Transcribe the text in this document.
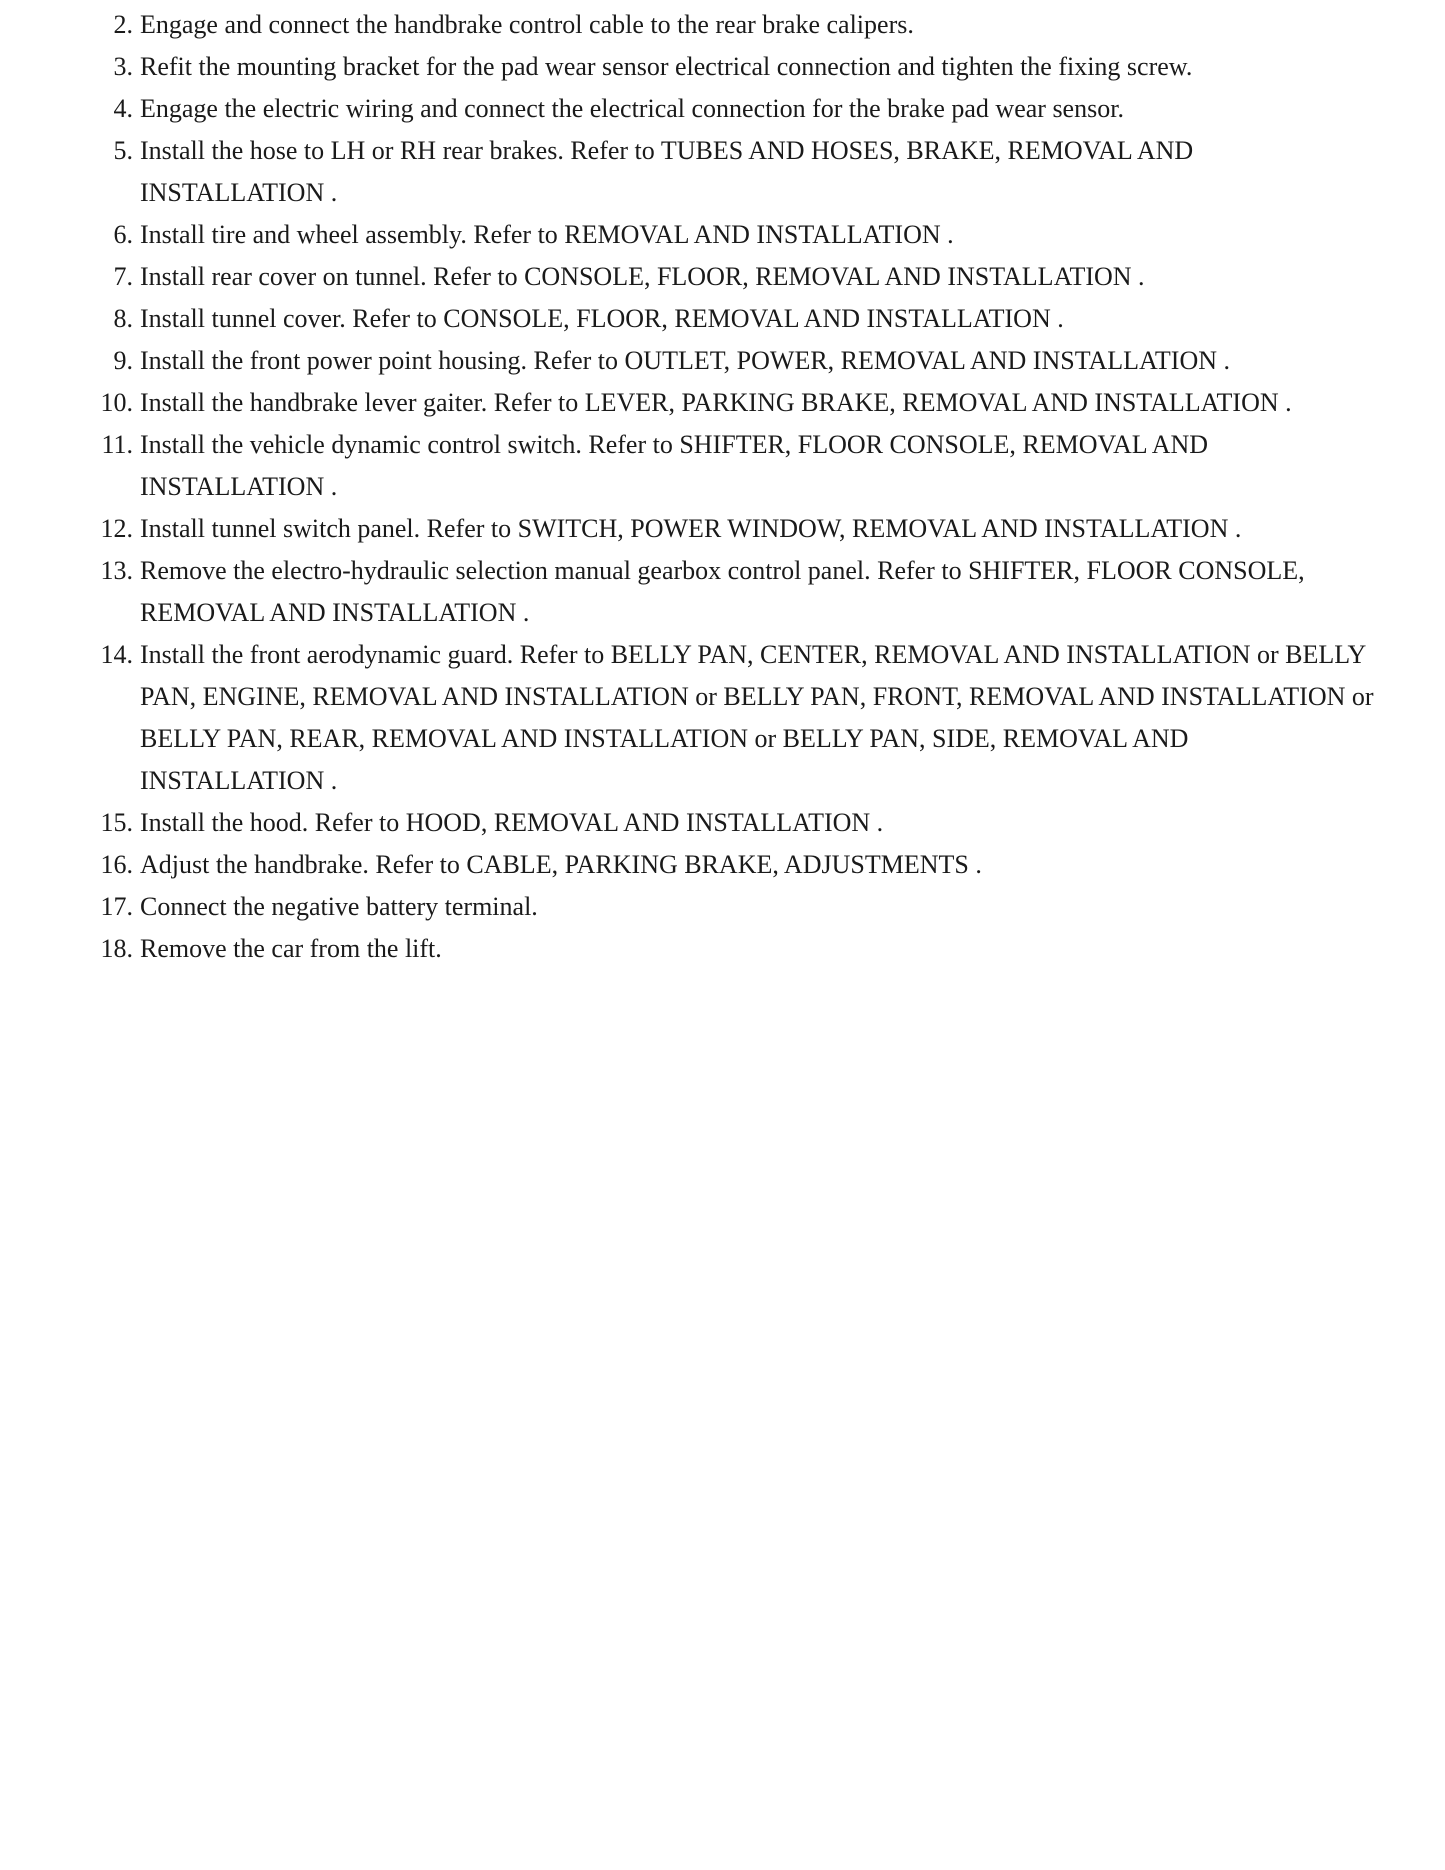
2. Engage and connect the handbrake control cable to the rear brake calipers.
3. Refit the mounting bracket for the pad wear sensor electrical connection and tighten the fixing screw.
4. Engage the electric wiring and connect the electrical connection for the brake pad wear sensor.
5. Install the hose to LH or RH rear brakes. Refer to TUBES AND HOSES, BRAKE, REMOVAL AND INSTALLATION .
6. Install tire and wheel assembly. Refer to REMOVAL AND INSTALLATION .
7. Install rear cover on tunnel. Refer to CONSOLE, FLOOR, REMOVAL AND INSTALLATION .
8. Install tunnel cover. Refer to CONSOLE, FLOOR, REMOVAL AND INSTALLATION .
9. Install the front power point housing. Refer to OUTLET, POWER, REMOVAL AND INSTALLATION .
10. Install the handbrake lever gaiter. Refer to LEVER, PARKING BRAKE, REMOVAL AND INSTALLATION .
11. Install the vehicle dynamic control switch. Refer to SHIFTER, FLOOR CONSOLE, REMOVAL AND INSTALLATION .
12. Install tunnel switch panel. Refer to SWITCH, POWER WINDOW, REMOVAL AND INSTALLATION .
13. Remove the electro-hydraulic selection manual gearbox control panel. Refer to SHIFTER, FLOOR CONSOLE, REMOVAL AND INSTALLATION .
14. Install the front aerodynamic guard. Refer to BELLY PAN, CENTER, REMOVAL AND INSTALLATION or BELLY PAN, ENGINE, REMOVAL AND INSTALLATION or BELLY PAN, FRONT, REMOVAL AND INSTALLATION or BELLY PAN, REAR, REMOVAL AND INSTALLATION or BELLY PAN, SIDE, REMOVAL AND INSTALLATION .
15. Install the hood. Refer to HOOD, REMOVAL AND INSTALLATION .
16. Adjust the handbrake. Refer to CABLE, PARKING BRAKE, ADJUSTMENTS .
17. Connect the negative battery terminal.
18. Remove the car from the lift.
